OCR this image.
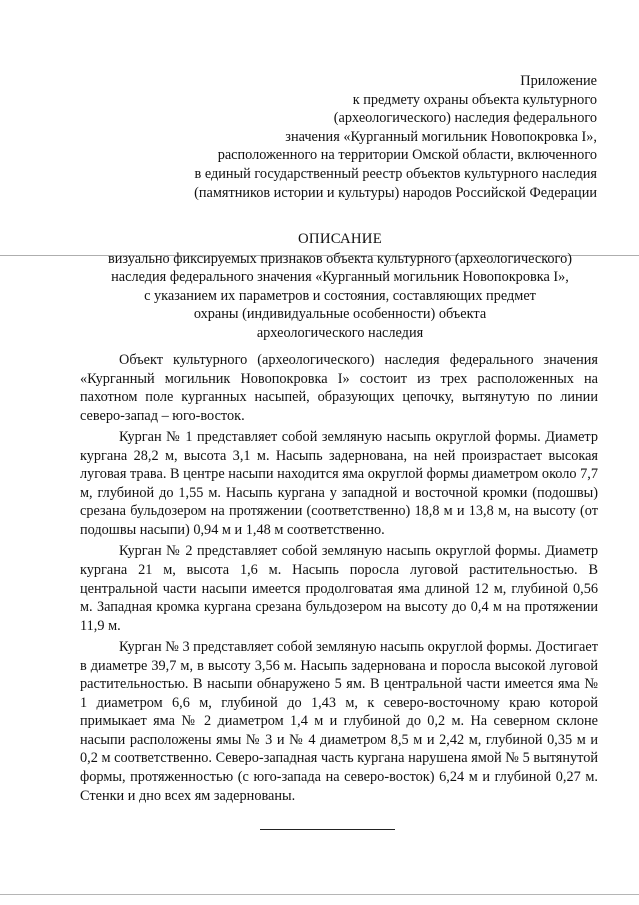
Приложение
к предмету охраны объекта культурного
(археологического) наследия федерального
значения «Курганный могильник Новопокровка I»,
расположенного на территории Омской области, включенного
в единый государственный реестр объектов культурного наследия
(памятников истории и культуры) народов Российской Федерации
ОПИСАНИЕ
визуально фиксируемых признаков объекта культурного (археологического)
наследия федерального значения «Курганный могильник Новопокровка I»,
с указанием их параметров и состояния, составляющих предмет
охраны (индивидуальные особенности) объекта
археологического наследия

Объект культурного (археологического) наследия федерального значения «Курганный могильник Новопокровка I» состоит из трех расположенных на пахотном поле курганных насыпей, образующих цепочку, вытянутую по линии северо-запад – юго-восток.

Курган № 1 представляет собой земляную насыпь округлой формы. Диаметр кургана 28,2 м, высота 3,1 м. Насыпь задернована, на ней произрастает высокая луговая трава. В центре насыпи находится яма округлой формы диаметром около 7,7 м, глубиной до 1,55 м. Насыпь кургана у западной и восточной кромки (подошвы) срезана бульдозером на протяжении (соответственно) 18,8 м и 13,8 м, на высоту (от подошвы насыпи) 0,94 м и 1,48 м соответственно.

Курган № 2 представляет собой земляную насыпь округлой формы. Диаметр кургана 21 м, высота 1,6 м. Насыпь поросла луговой растительностью. В центральной части насыпи имеется продолговатая яма длиной 12 м, глубиной 0,56 м. Западная кромка кургана срезана бульдозером на высоту до 0,4 м на протяжении 11,9 м.

Курган № 3 представляет собой земляную насыпь округлой формы. Достигает в диаметре 39,7 м, в высоту 3,56 м. Насыпь задернована и поросла высокой луговой растительностью. В насыпи обнаружено 5 ям. В центральной части имеется яма № 1 диаметром 6,6 м, глубиной до 1,43 м, к северо-восточному краю которой примыкает яма № 2 диаметром 1,4 м и глубиной до 0,2 м. На северном склоне насыпи расположены ямы № 3 и № 4 диаметром 8,5 м и 2,42 м, глубиной 0,35 м и 0,2 м соответственно. Северо-западная часть кургана нарушена ямой № 5 вытянутой формы, протяженностью (с юго-запада на северо-восток) 6,24 м и глубиной 0,27 м. Стенки и дно всех ям задернованы.
